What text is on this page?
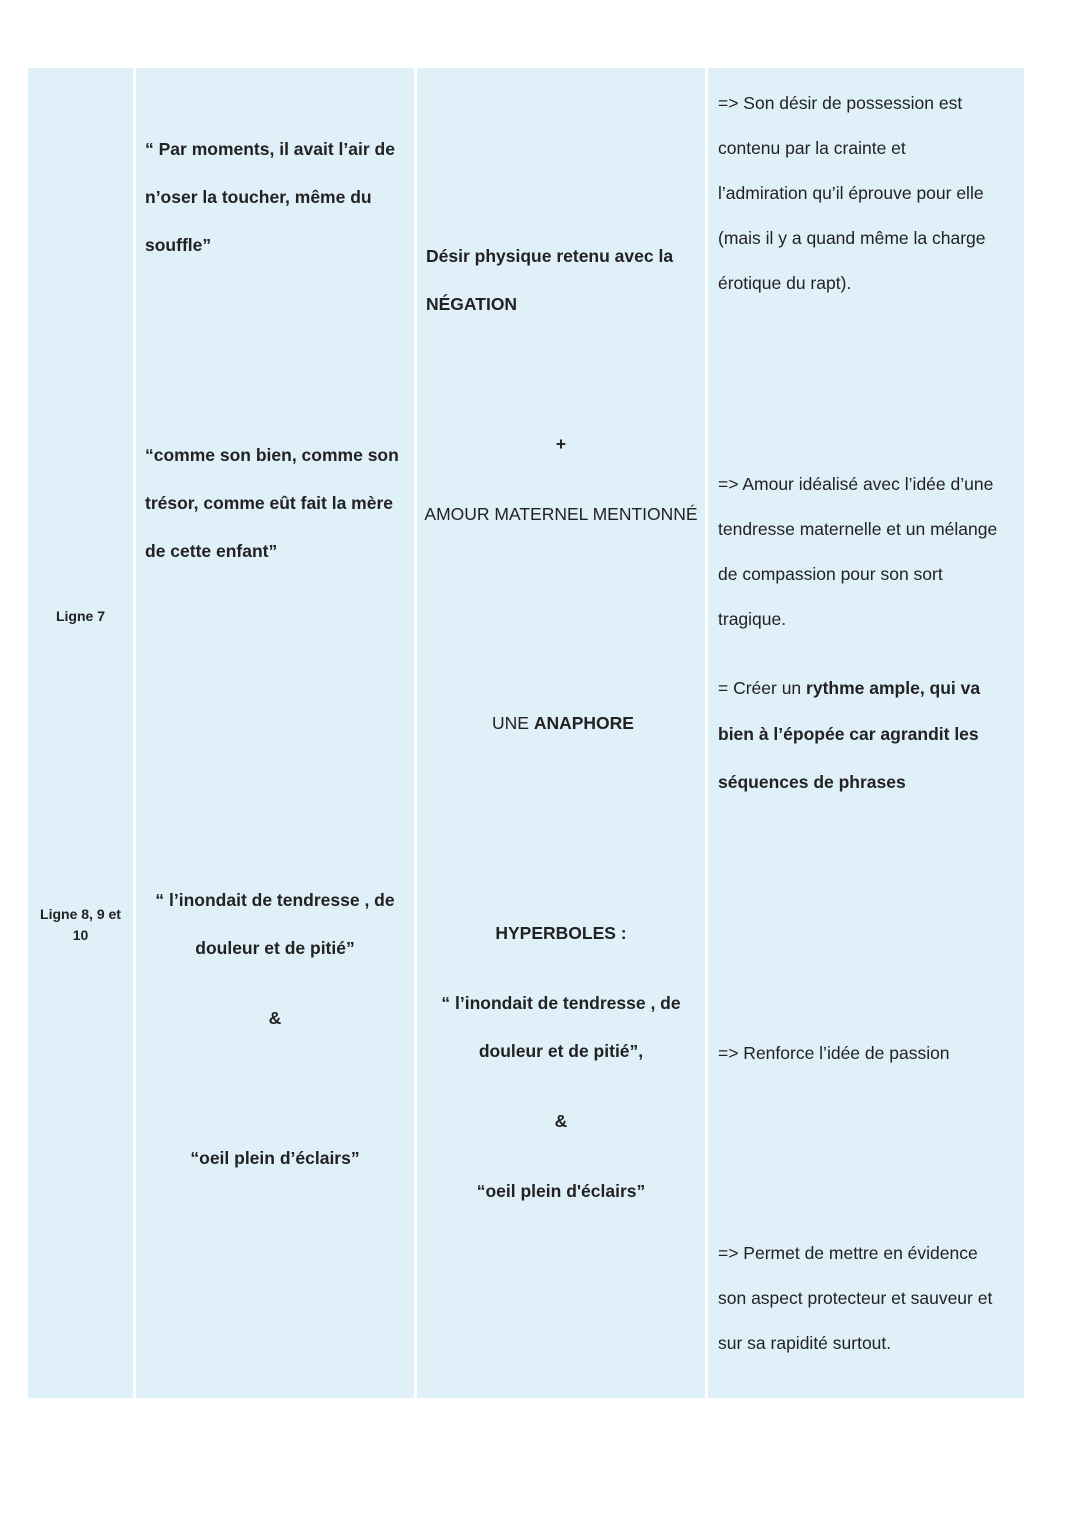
“ Par moments, il avait l’air de
n’oser la toucher, même du
souffle”
Désir physique retenu avec la
NÉGATION
=> Son désir de possession est
contenu par la crainte et
l’admiration qu’il éprouve pour elle
(mais il y a quand même la charge
érotique du rapt).
Ligne 7
“comme son bien, comme son
trésor, comme eût fait la mère
de cette enfant”
+
AMOUR MATERNEL MENTIONNÉ
UNE ANAPHORE
=> Amour idéalisé avec l’idée d’une
tendresse maternelle et un mélange
de compassion pour son sort
tragique.
= Créer un rythme ample, qui va
bien à l’épopée car agrandit les
séquences de phrases
Ligne 8, 9 et
10
“ l’inondait de tendresse , de
douleur et de pitié”
&
“oeil plein d’éclairs”
HYPERBOLES :
“ l’inondait de tendresse , de
douleur et de pitié”,
&
“oeil plein d'éclairs”
=> Renforce l’idée de passion
=> Permet de mettre en évidence
son aspect protecteur et sauveur et
sur sa rapidité surtout.
